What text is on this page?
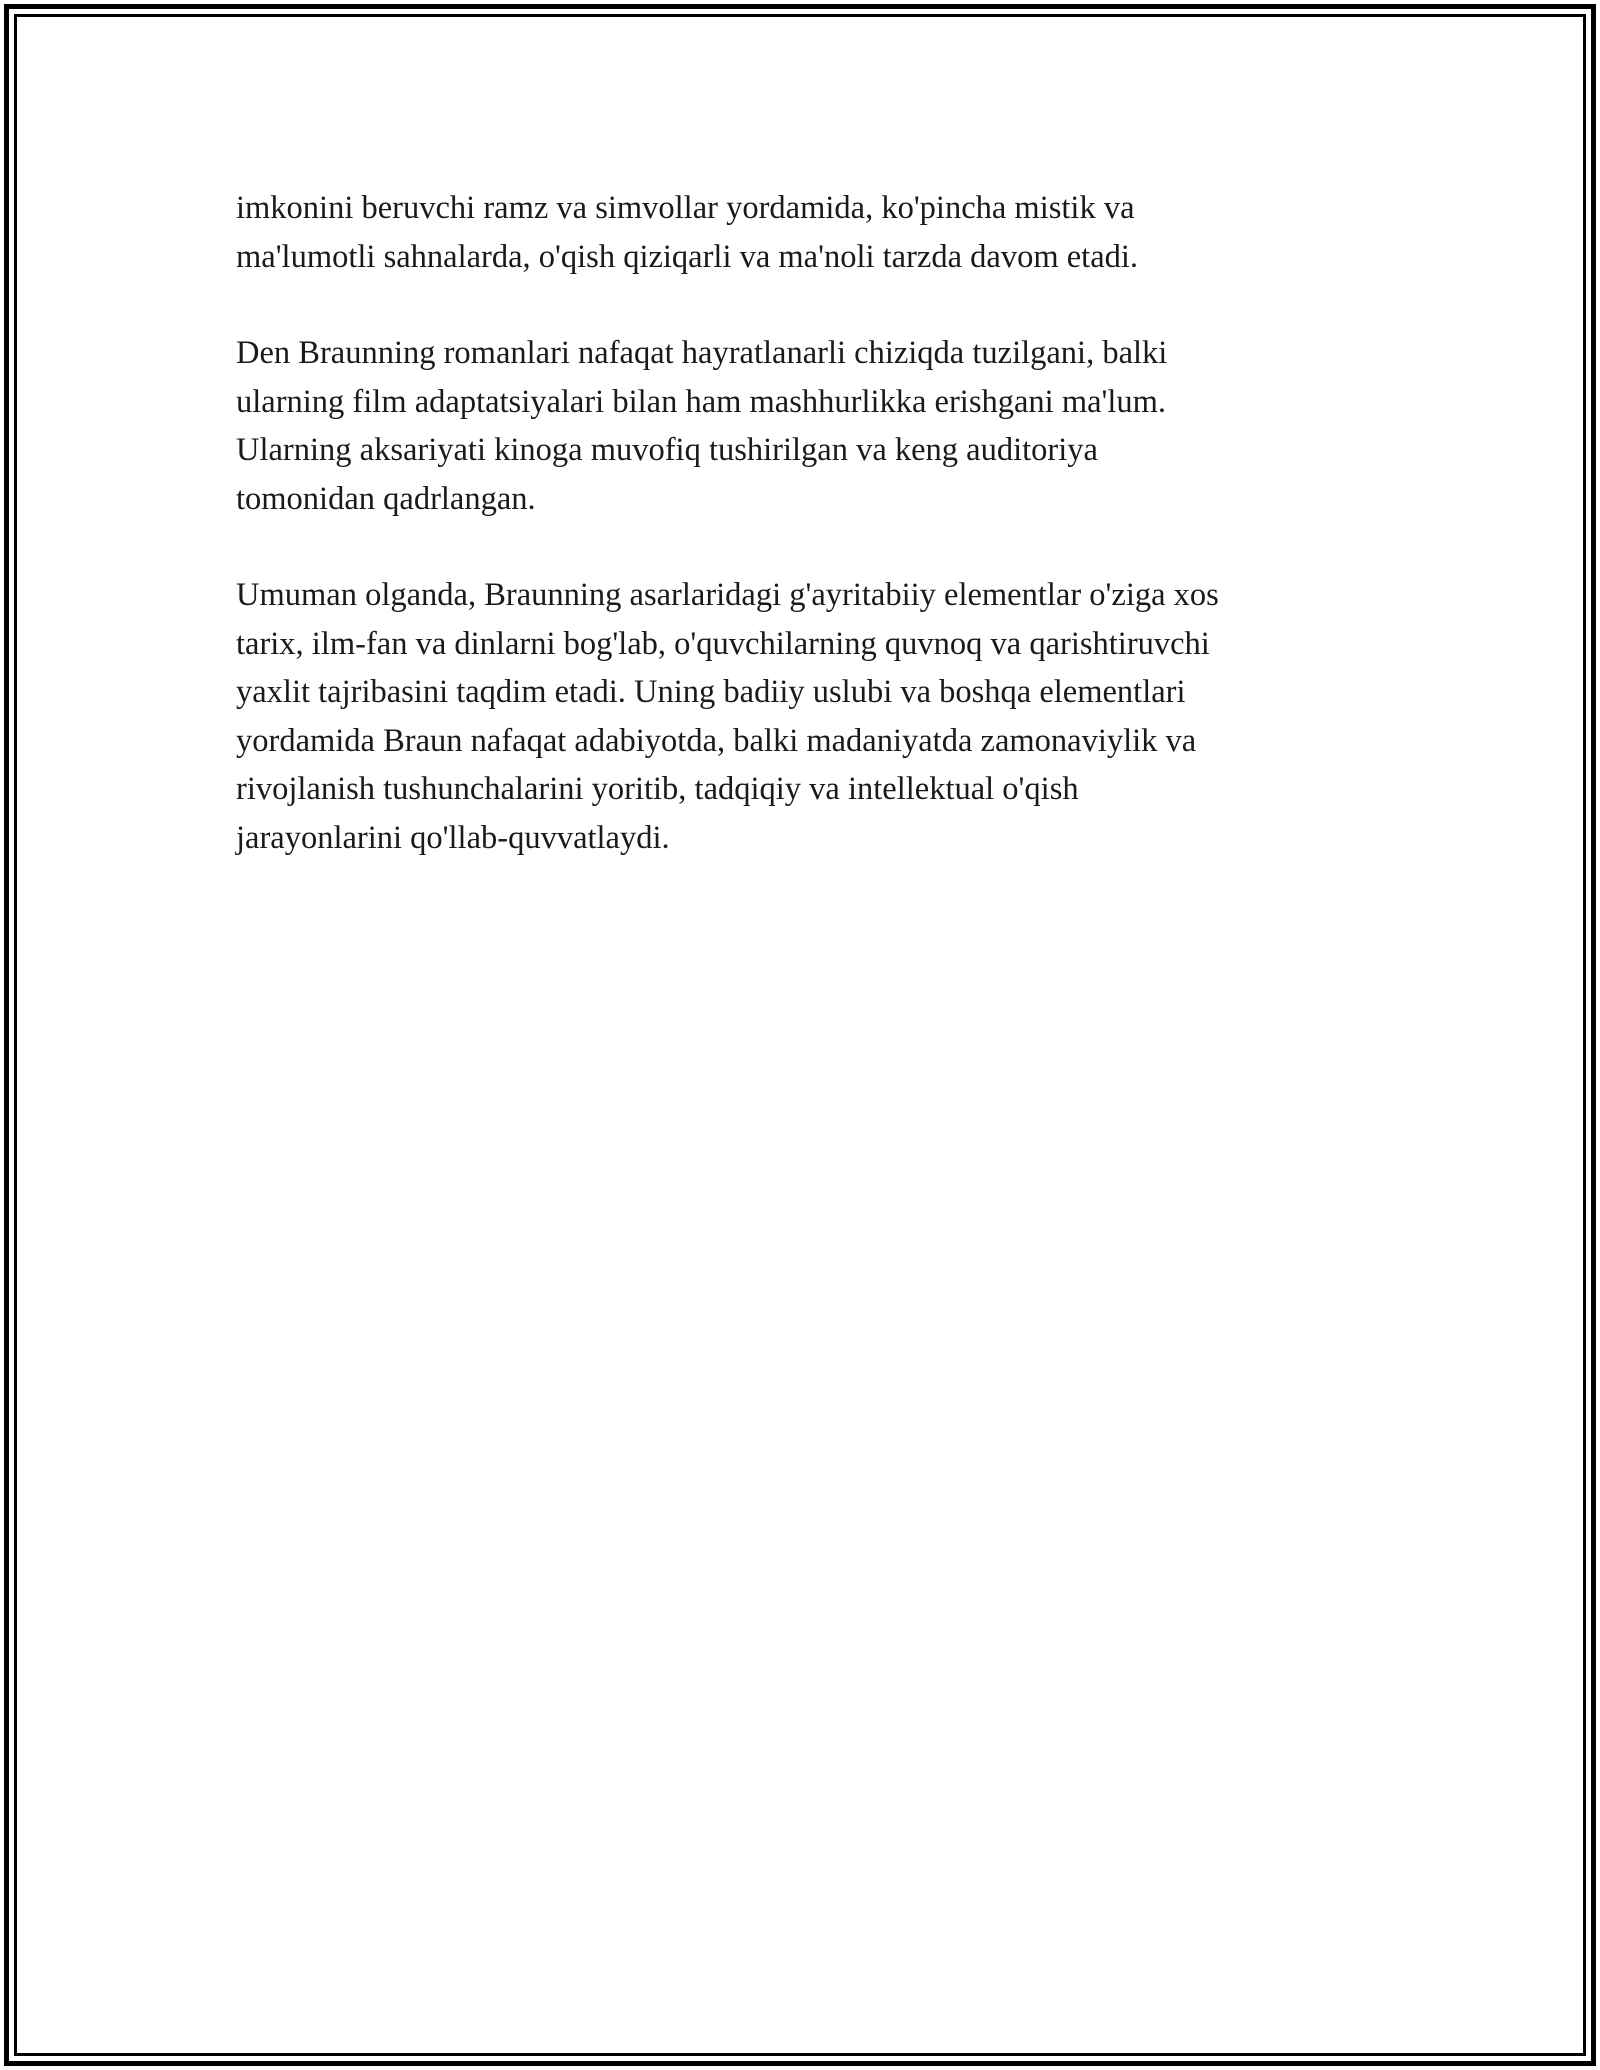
imkonini beruvchi ramz va simvollar yordamida, ko'pincha mistik va
ma'lumotli sahnalarda, o'qish qiziqarli va ma'noli tarzda davom etadi.

Den Braunning romanlari nafaqat hayratlanarli chiziqda tuzilgani, balki
ularning film adaptatsiyalari bilan ham mashhurlikka erishgani ma'lum.
Ularning aksariyati kinoga muvofiq tushirilgan va keng auditoriya
tomonidan qadrlangan.

Umuman olganda, Braunning asarlaridagi g'ayritabiiy elementlar o'ziga xos
tarix, ilm-fan va dinlarni bog'lab, o'quvchilarning quvnoq va qarishtiruvchi
yaxlit tajribasini taqdim etadi. Uning badiiy uslubi va boshqa elementlari
yordamida Braun nafaqat adabiyotda, balki madaniyatda zamonaviylik va
rivojlanish tushunchalarini yoritib, tadqiqiy va intellektual o'qish
jarayonlarini qo'llab-quvvatlaydi.
